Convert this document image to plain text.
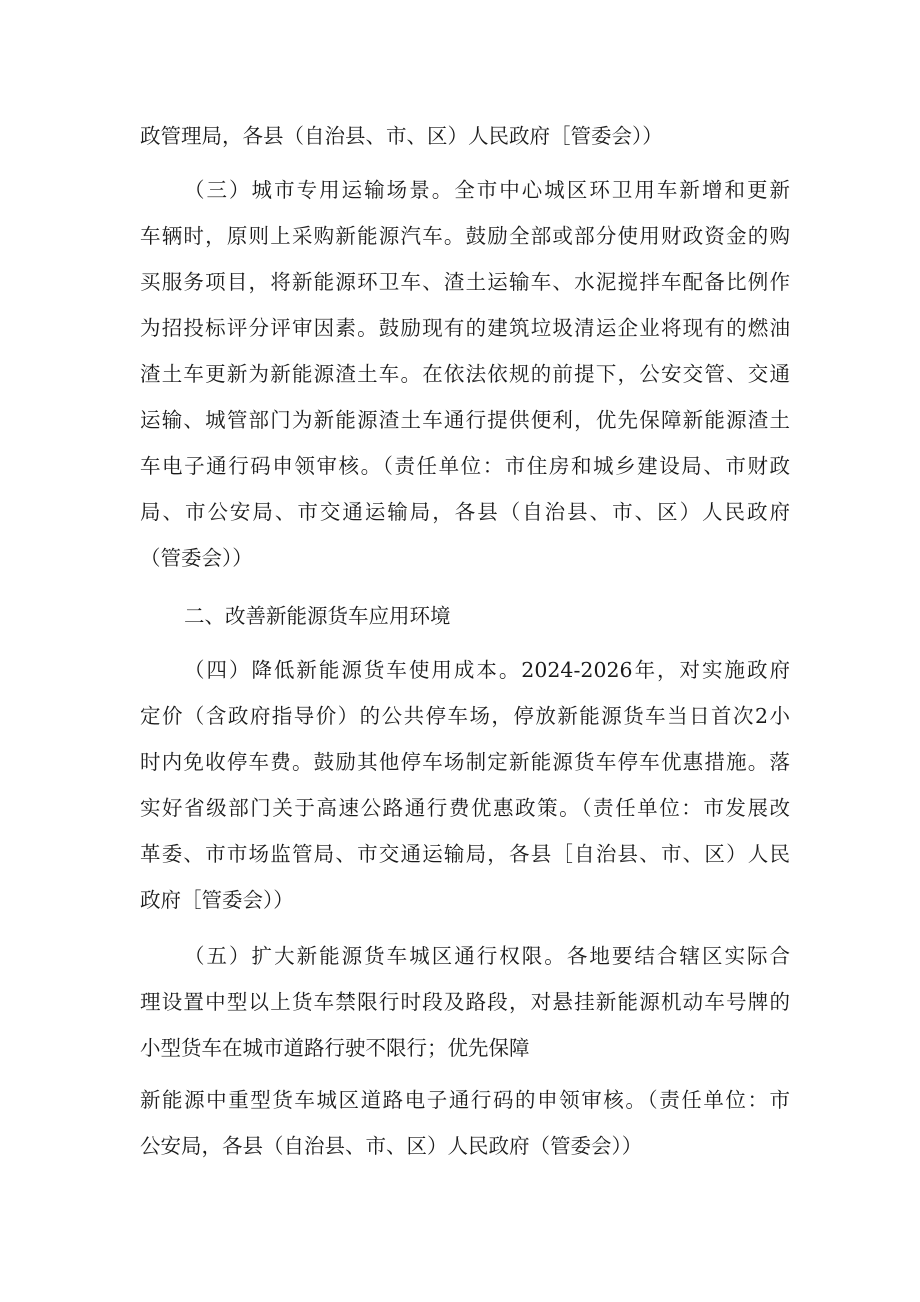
政管理局，各县（自治县、市、区）人民政府［管委会））
（三）城市专用运输场景。全市中心城区环卫用车新增和更新
车辆时，原则上采购新能源汽车。鼓励全部或部分使用财政资金的购
买服务项目，将新能源环卫车、渣土运输车、水泥搅拌车配备比例作
为招投标评分评审因素。鼓励现有的建筑垃圾清运企业将现有的燃油
渣土车更新为新能源渣土车。在依法依规的前提下，公安交管、交通
运输、城管部门为新能源渣土车通行提供便利，优先保障新能源渣土
车电子通行码申领审核。（责任单位：市住房和城乡建设局、市财政
局、市公安局、市交通运输局，各县（自治县、市、区）人民政府
（管委会））
二、改善新能源货车应用环境
（四）降低新能源货车使用成本。2024-2026年，对实施政府
定价（含政府指导价）的公共停车场，停放新能源货车当日首次2小
时内免收停车费。鼓励其他停车场制定新能源货车停车优惠措施。落
实好省级部门关于高速公路通行费优惠政策。（责任单位：市发展改
革委、市市场监管局、市交通运输局，各县［自治县、市、区）人民
政府［管委会））
（五）扩大新能源货车城区通行权限。各地要结合辖区实际合
理设置中型以上货车禁限行时段及路段，对悬挂新能源机动车号牌的
小型货车在城市道路行驶不限行；优先保障
新能源中重型货车城区道路电子通行码的申领审核。（责任单位：市
公安局，各县（自治县、市、区）人民政府（管委会））
